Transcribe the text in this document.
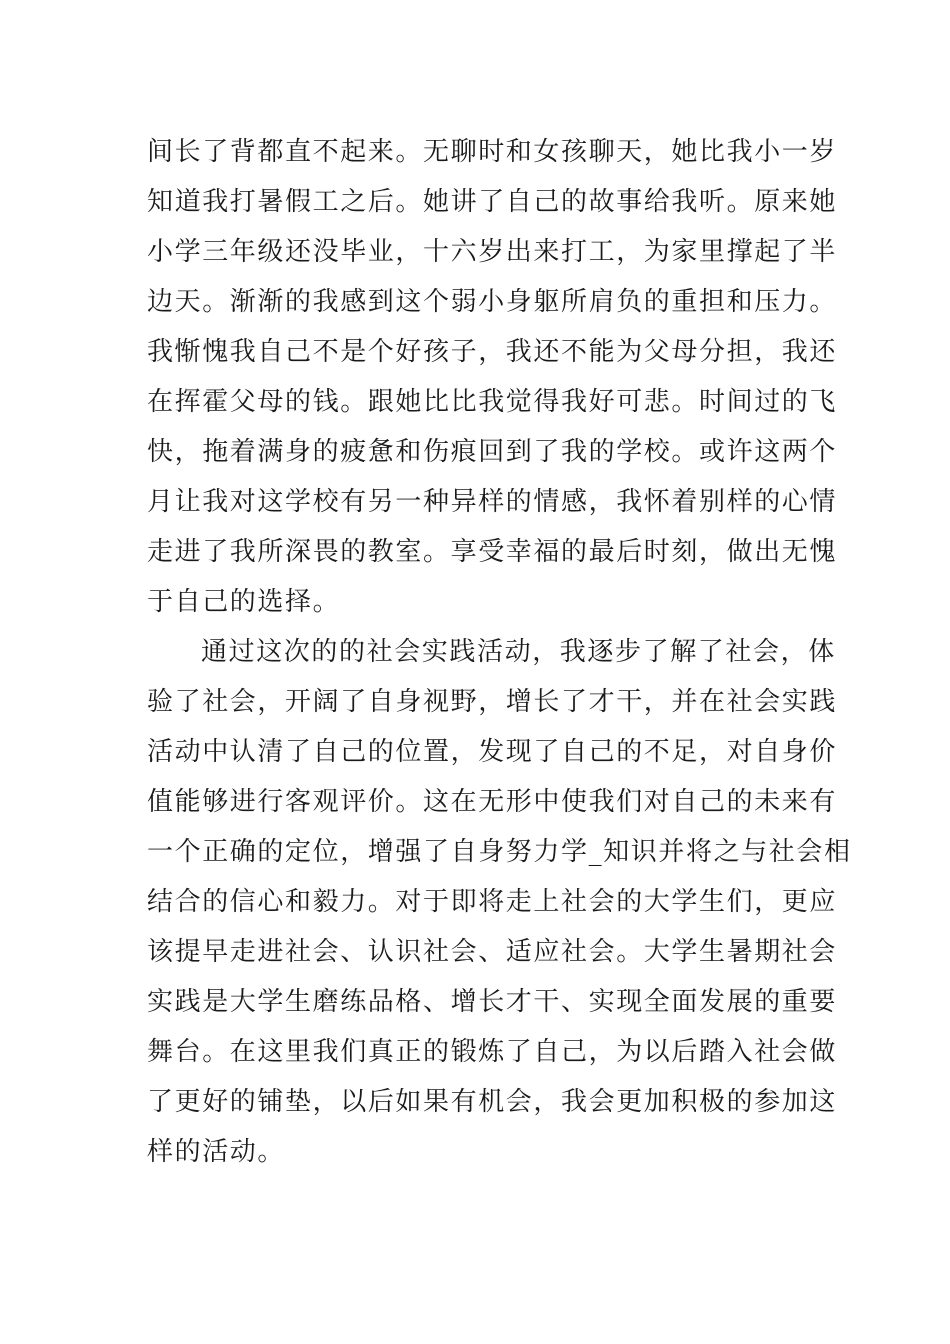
间长了背都直不起来。无聊时和女孩聊天，她比我小一岁
知道我打暑假工之后。她讲了自己的故事给我听。原来她
小学三年级还没毕业，十六岁出来打工，为家里撑起了半
边天。渐渐的我感到这个弱小身躯所肩负的重担和压力。
我惭愧我自己不是个好孩子，我还不能为父母分担，我还
在挥霍父母的钱。跟她比比我觉得我好可悲。时间过的飞
快，拖着满身的疲惫和伤痕回到了我的学校。或许这两个
月让我对这学校有另一种异样的情感，我怀着别样的心情
走进了我所深畏的教室。享受幸福的最后时刻，做出无愧
于自己的选择。
通过这次的的社会实践活动，我逐步了解了社会，体
验了社会，开阔了自身视野，增长了才干，并在社会实践
活动中认清了自己的位置，发现了自己的不足，对自身价
值能够进行客观评价。这在无形中使我们对自己的未来有
一个正确的定位，增强了自身努力学_知识并将之与社会相
结合的信心和毅力。对于即将走上社会的大学生们，更应
该提早走进社会、认识社会、适应社会。大学生暑期社会
实践是大学生磨练品格、增长才干、实现全面发展的重要
舞台。在这里我们真正的锻炼了自己，为以后踏入社会做
了更好的铺垫，以后如果有机会，我会更加积极的参加这
样的活动。
